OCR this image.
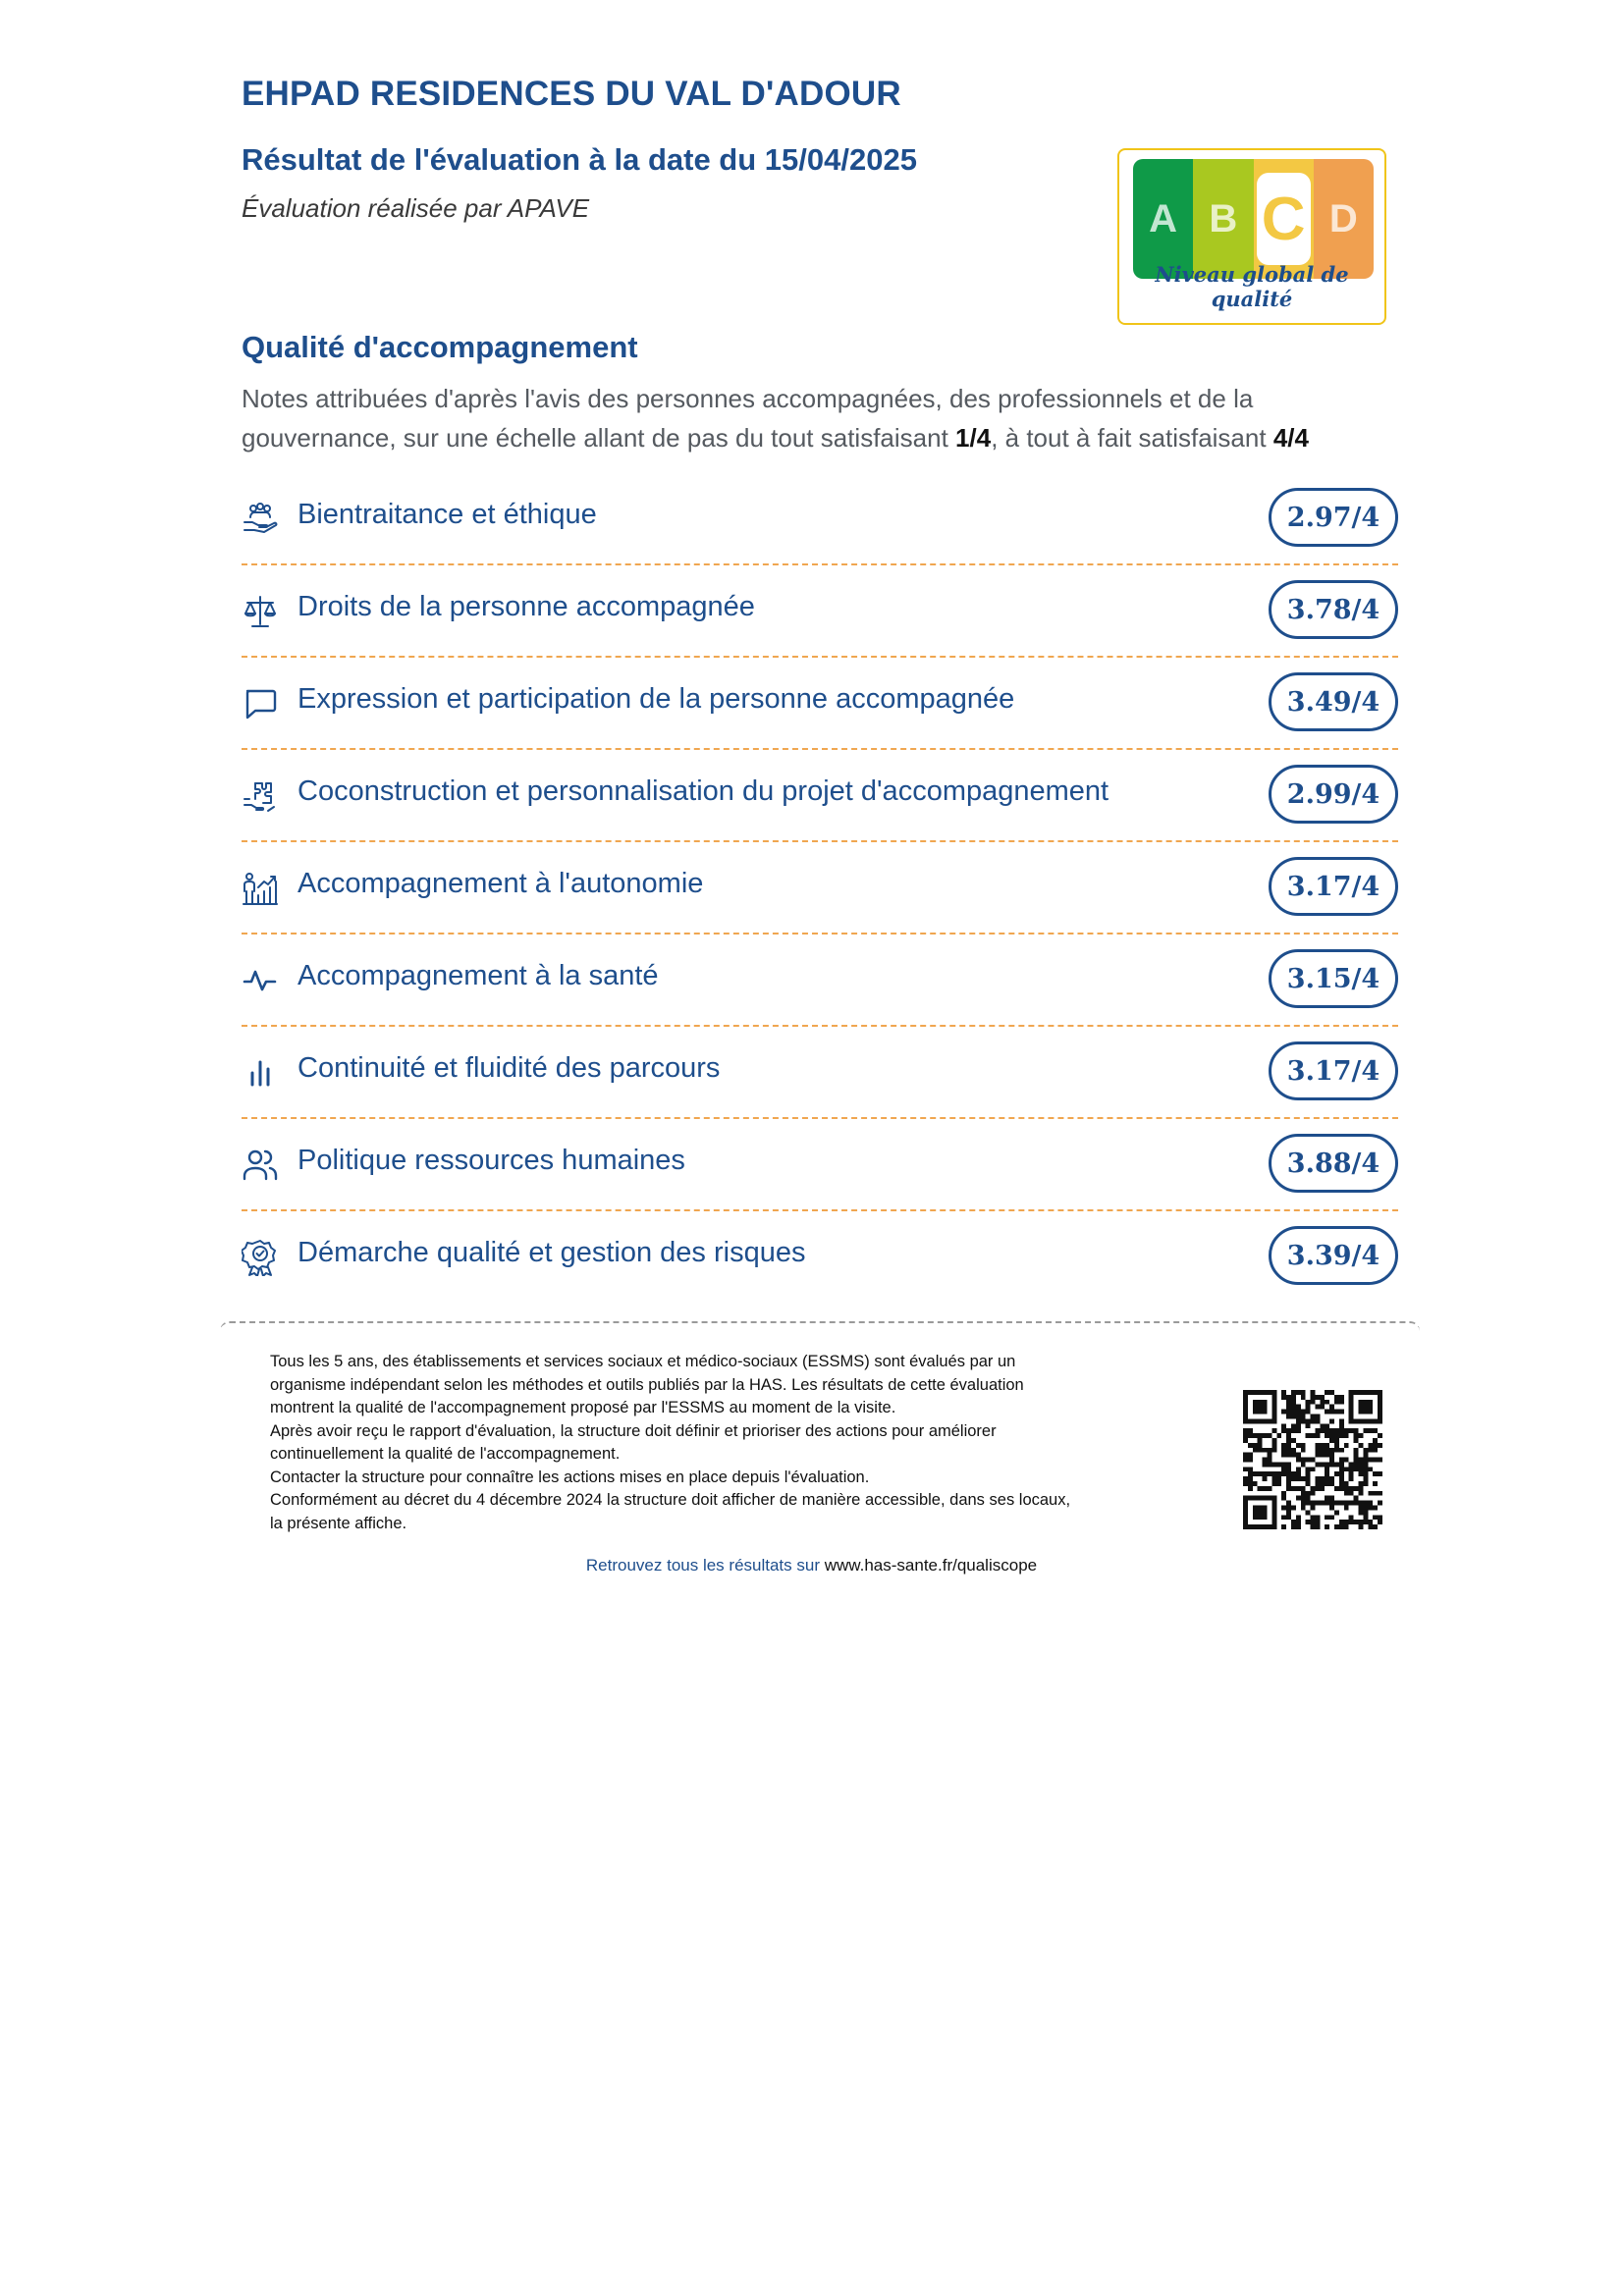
EHPAD RESIDENCES DU VAL D'ADOUR
Résultat de l'évaluation à la date du 15/04/2025
Évaluation réalisée par APAVE	A B C D
Niveau global de qualité
Qualité d'accompagnement
Notes attribuées d'après l'avis des personnes accompagnées, des professionnels et de la gouvernance, sur une échelle allant de pas du tout satisfaisant 1/4, à tout à fait satisfaisant 4/4
Bientraitance et éthique	2.97/4
Droits de la personne accompagnée	3.78/4
Expression et participation de la personne accompagnée	3.49/4
Coconstruction et personnalisation du projet d'accompagnement	2.99/4
Accompagnement à l'autonomie	3.17/4
Accompagnement à la santé	3.15/4
Continuité et fluidité des parcours	3.17/4
Politique ressources humaines	3.88/4
Démarche qualité et gestion des risques	3.39/4

Tous les 5 ans, des établissements et services sociaux et médico-sociaux (ESSMS) sont évalués par un organisme indépendant selon les méthodes et outils publiés par la HAS. Les résultats de cette évaluation montrent la qualité de l'accompagnement proposé par l'ESSMS au moment de la visite.

Après avoir reçu le rapport d'évaluation, la structure doit définir et prioriser des actions pour améliorer continuellement la qualité de l'accompagnement.

Contacter la structure pour connaître les actions mises en place depuis l'évaluation.

Conformément au décret du 4 décembre 2024 la structure doit afficher de manière accessible, dans ses locaux, la présente affiche.

Retrouvez tous les résultats sur www.has-sante.fr/qualiscope
